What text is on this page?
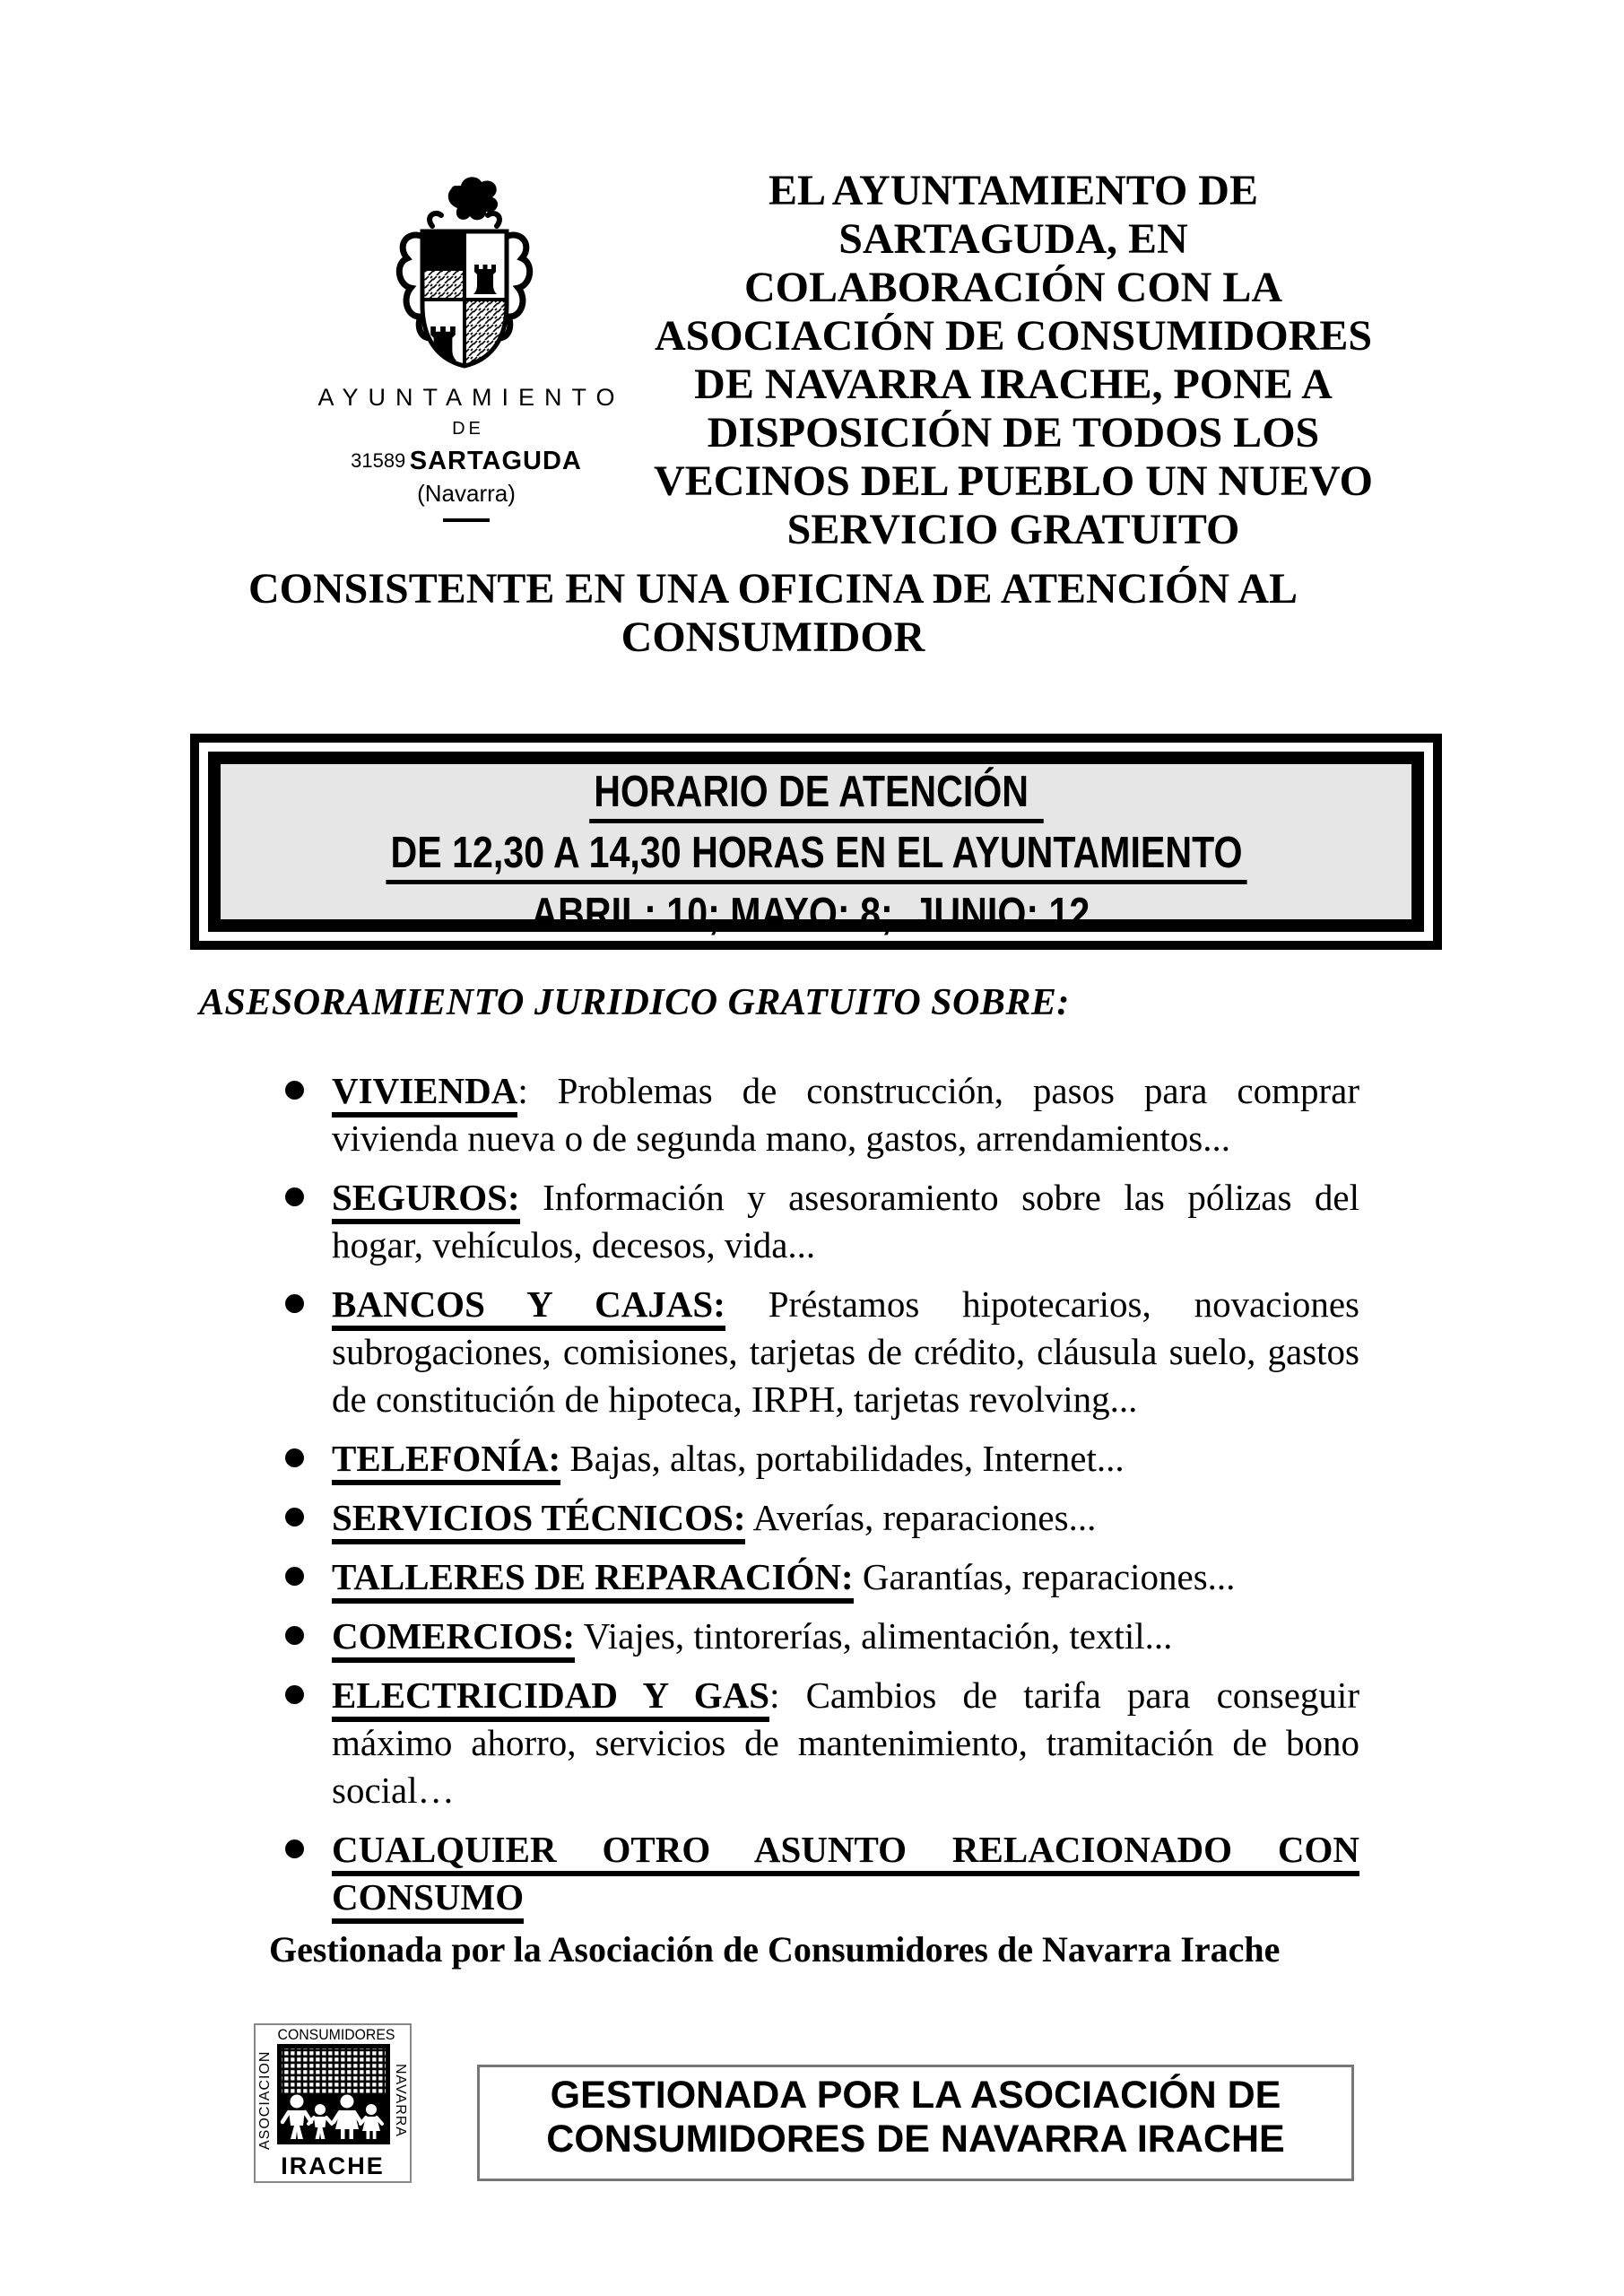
AYUNTAMIENTO
DE
31589 SARTAGUDA
(Navarra)
EL AYUNTAMIENTO DE
SARTAGUDA, EN
COLABORACIÓN CON LA
ASOCIACIÓN DE CONSUMIDORES
DE NAVARRA IRACHE, PONE A
DISPOSICIÓN DE TODOS LOS
VECINOS DEL PUEBLO UN NUEVO
SERVICIO GRATUITO
CONSISTENTE EN UNA OFICINA DE ATENCIÓN AL
CONSUMIDOR
HORARIO DE ATENCIÓN
DE 12,30 A 14,30 HORAS EN EL AYUNTAMIENTO
ABRIL: 10; MAYO: 8;  JUNIO: 12.
ASESORAMIENTO JURIDICO GRATUITO SOBRE:
VIVIENDA: Problemas de construcción, pasos para comprar vivienda nueva o de segunda mano, gastos, arrendamientos...
SEGUROS: Información y asesoramiento sobre las pólizas del hogar, vehículos, decesos, vida...
BANCOS Y CAJAS: Préstamos hipotecarios, novaciones subrogaciones, comisiones, tarjetas de crédito, cláusula suelo, gastos de constitución de hipoteca, IRPH, tarjetas revolving...
TELEFONÍA: Bajas, altas, portabilidades, Internet...
SERVICIOS TÉCNICOS: Averías, reparaciones...
TALLERES DE REPARACIÓN: Garantías, reparaciones...
COMERCIOS: Viajes, tintorerías, alimentación, textil...
ELECTRICIDAD Y GAS: Cambios de tarifa para conseguir máximo ahorro, servicios de mantenimiento, tramitación de bono social…
CUALQUIER OTRO ASUNTO RELACIONADO CON CONSUMO
Gestionada por la Asociación de Consumidores de Navarra Irache
CONSUMIDORES
ASOCIACION	NAVARRA
IRACHE
GESTIONADA POR LA ASOCIACIÓN DE
CONSUMIDORES DE NAVARRA IRACHE
